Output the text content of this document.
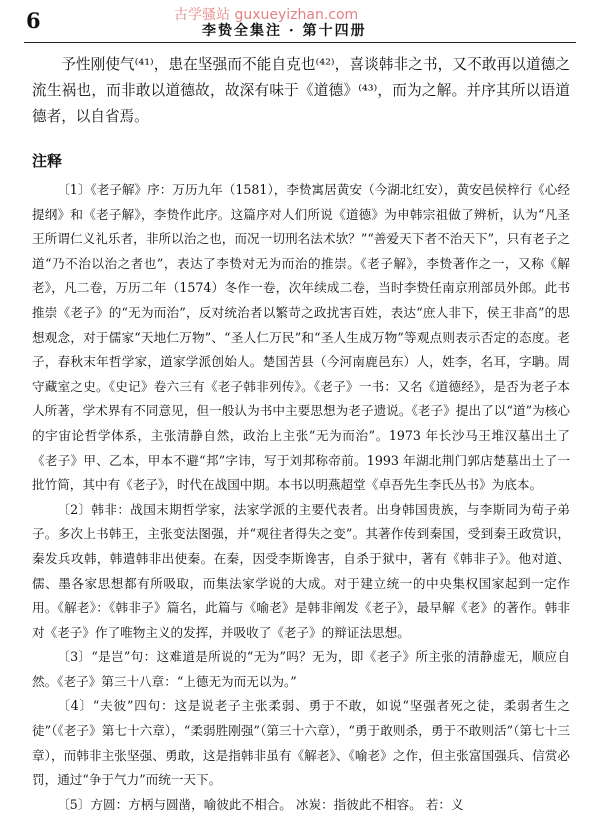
6	古学骚站 guxueyizhan.com
李贽全集注 · 第十四册

予性刚使气⁽⁴¹⁾，患在坚强而不能自克也⁽⁴²⁾，喜谈韩非之书，又不敢再以道德之流生祸也，而非敢以道德故，故深有味于《道德》⁽⁴³⁾，而为之解。并序其所以语道德者，以自省焉。

注释

〔1〕《老子解》序：万历九年（1581），李贽寓居黄安（今湖北红安），黄安邑侯梓行《心经提纲》和《老子解》，李贽作此序。这篇序对人们所说《道德》为申韩宗祖做了辨析，认为“凡圣王所谓仁义礼乐者，非所以治之也，而况一切刑名法术欤？”“善爱天下者不治天下”，只有老子之道“乃不治以治之者也”，表达了李贽对无为而治的推崇。《老子解》，李贽著作之一，又称《解老》，凡二卷，万历二年（1574）冬作一卷，次年续成二卷，当时李贽任南京刑部员外郎。此书推崇《老子》的“无为而治”，反对统治者以繁苛之政扰害百姓，表达“庶人非下，侯王非高”的思想观念，对于儒家“天地仁万物”、“圣人仁万民”和“圣人生成万物”等观点则表示否定的态度。老子，春秋末年哲学家，道家学派创始人。楚国苦县（今河南鹿邑东）人，姓李，名耳，字聃。周守藏室之史。《史记》卷六三有《老子韩非列传》。《老子》一书：又名《道德经》，是否为老子本人所著，学术界有不同意见，但一般认为书中主要思想为老子遗说。《老子》提出了以“道”为核心的宇宙论哲学体系，主张清静自然，政治上主张“无为而治”。1973 年长沙马王堆汉墓出土了《老子》甲、乙本，甲本不避“邦”字讳，写于刘邦称帝前。1993 年湖北荆门郭店楚墓出土了一批竹简，其中有《老子》，时代在战国中期。本书以明燕超堂《卓吾先生李氏丛书》为底本。

〔2〕韩非：战国末期哲学家，法家学派的主要代表者。出身韩国贵族，与李斯同为荀子弟子。多次上书韩王，主张变法图强，并“观往者得失之变”。其著作传到秦国，受到秦王政赏识，秦发兵攻韩，韩遣韩非出使秦。在秦，因受李斯谗害，自杀于狱中，著有《韩非子》。他对道、儒、墨各家思想都有所吸取，而集法家学说的大成。对于建立统一的中央集权国家起到一定作用。《解老》：《韩非子》篇名，此篇与《喻老》是韩非阐发《老子》，最早解《老》的著作。韩非对《老子》作了唯物主义的发挥，并吸收了《老子》的辩证法思想。

〔3〕“是岂”句：这难道是所说的“无为”吗？无为，即《老子》所主张的清静虚无，顺应自然。《老子》第三十八章：“上德无为而无以为。”

〔4〕“夫彼”四句：这是说老子主张柔弱、勇于不敢，如说“坚强者死之徒，柔弱者生之徒”（《老子》第七十六章），“柔弱胜刚强”（第三十六章），“勇于敢则杀，勇于不敢则活”（第七十三章），而韩非主张坚强、勇敢，这是指韩非虽有《解老》、《喻老》之作，但主张富国强兵、信赏必罚，通过“争于气力”而统一天下。

〔5〕方圆：方柄与圆凿，喻彼此不相合。 冰炭：指彼此不相容。 若：义
